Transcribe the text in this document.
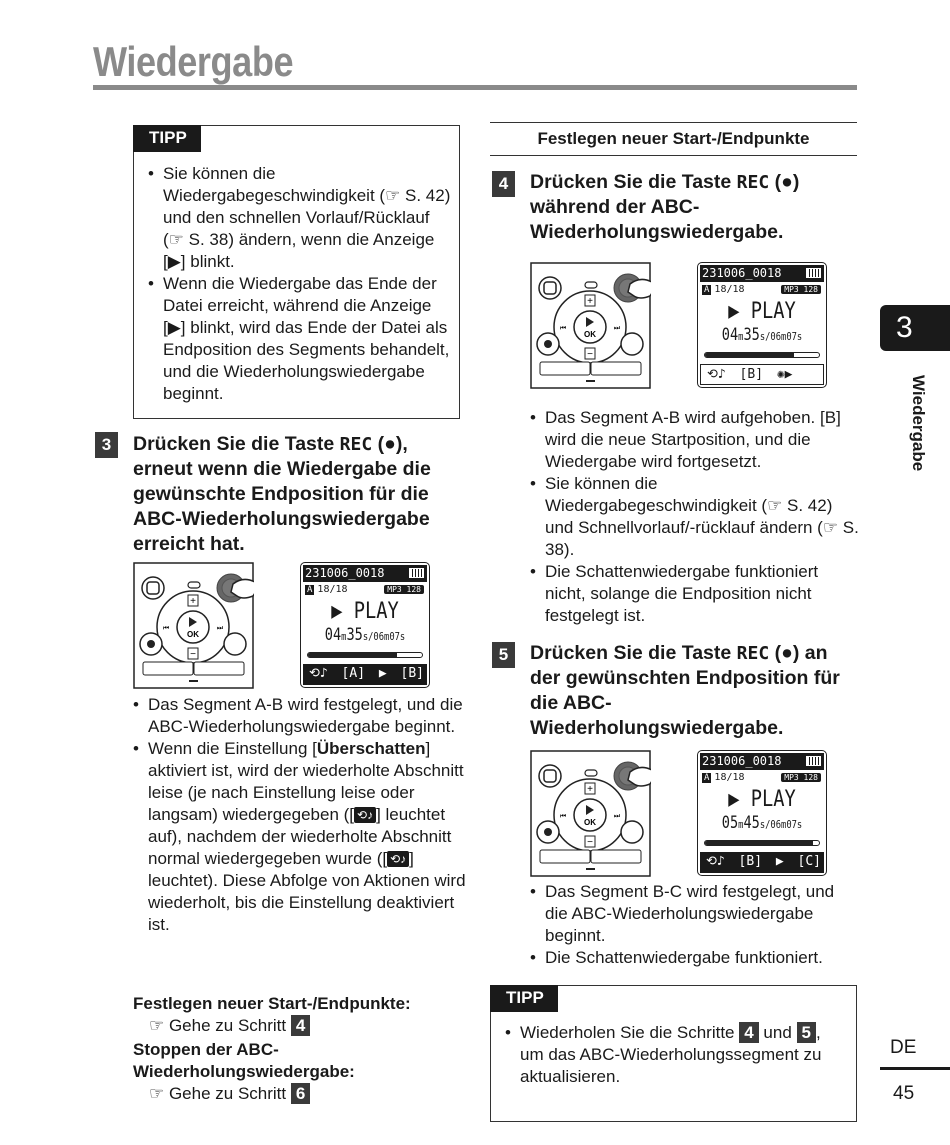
Wiedergabe
TIPP
• Sie können die Wiedergabegeschwindigkeit (☞ S. 42) und den schnellen Vorlauf/Rücklauf (☞ S. 38) ändern, wenn die Anzeige [▶] blinkt.
• Wenn die Wiedergabe das Ende der Datei erreicht, während die Anzeige [▶] blinkt, wird das Ende der Datei als Endposition des Segments behandelt, und die Wiederholungswiedergabe beginnt.
3	Drücken Sie die Taste REC (●), erneut wenn die Wiedergabe die gewünschte Endposition für die ABC-Wiederholungswiedergabe erreicht hat.
OK
+
−
⏮	⏭
231006_0018
A 18/18	MP3 128
▶ PLAY
04m35s/06m07s
⟲♪ [A] ▶ [B]
• Das Segment A-B wird festgelegt, und die ABC-Wiederholungswiedergabe beginnt.
• Wenn die Einstellung [Überschatten] aktiviert ist, wird der wiederholte Abschnitt leise (je nach Einstellung leise oder langsam) wiedergegeben ([ ⟲♪ ] leuchtet auf), nachdem der wiederholte Abschnitt normal wiedergegeben wurde ([ ⟲♪ ] leuchtet). Diese Abfolge von Aktionen wird wiederholt, bis die Einstellung deaktiviert ist.
Festlegen neuer Start-/Endpunkte:
☞ Gehe zu Schritt 4
Stoppen der ABC-Wiederholungswiedergabe:
☞ Gehe zu Schritt 6
Festlegen neuer Start-/Endpunkte
4	Drücken Sie die Taste REC (●) während der ABC-Wiederholungswiedergabe.
OK
+
−
⏮	⏭
231006_0018
A 18/18	MP3 128
▶ PLAY
04m35s/06m07s
⟲♪ [B] ✺▶
• Das Segment A-B wird aufgehoben. [B] wird die neue Startposition, und die Wiedergabe wird fortgesetzt.
• Sie können die Wiedergabegeschwindigkeit (☞ S. 42) und Schnellvorlauf/-rücklauf ändern (☞ S. 38).
• Die Schattenwiedergabe funktioniert nicht, solange die Endposition nicht festgelegt ist.
5	Drücken Sie die Taste REC (●) an der gewünschten Endposition für die ABC-Wiederholungswiedergabe.
OK
+
−
⏮	⏭
231006_0018
A 18/18	MP3 128
▶ PLAY
05m45s/06m07s
⟲♪ [B] ▶ [C]
• Das Segment B-C wird festgelegt, und die ABC-Wiederholungswiedergabe beginnt.
• Die Schattenwiedergabe funktioniert.
TIPP
• Wiederholen Sie die Schritte 4 und 5 , um das ABC-Wiederholungssegment zu aktualisieren.
3
Wiedergabe
DE
45
